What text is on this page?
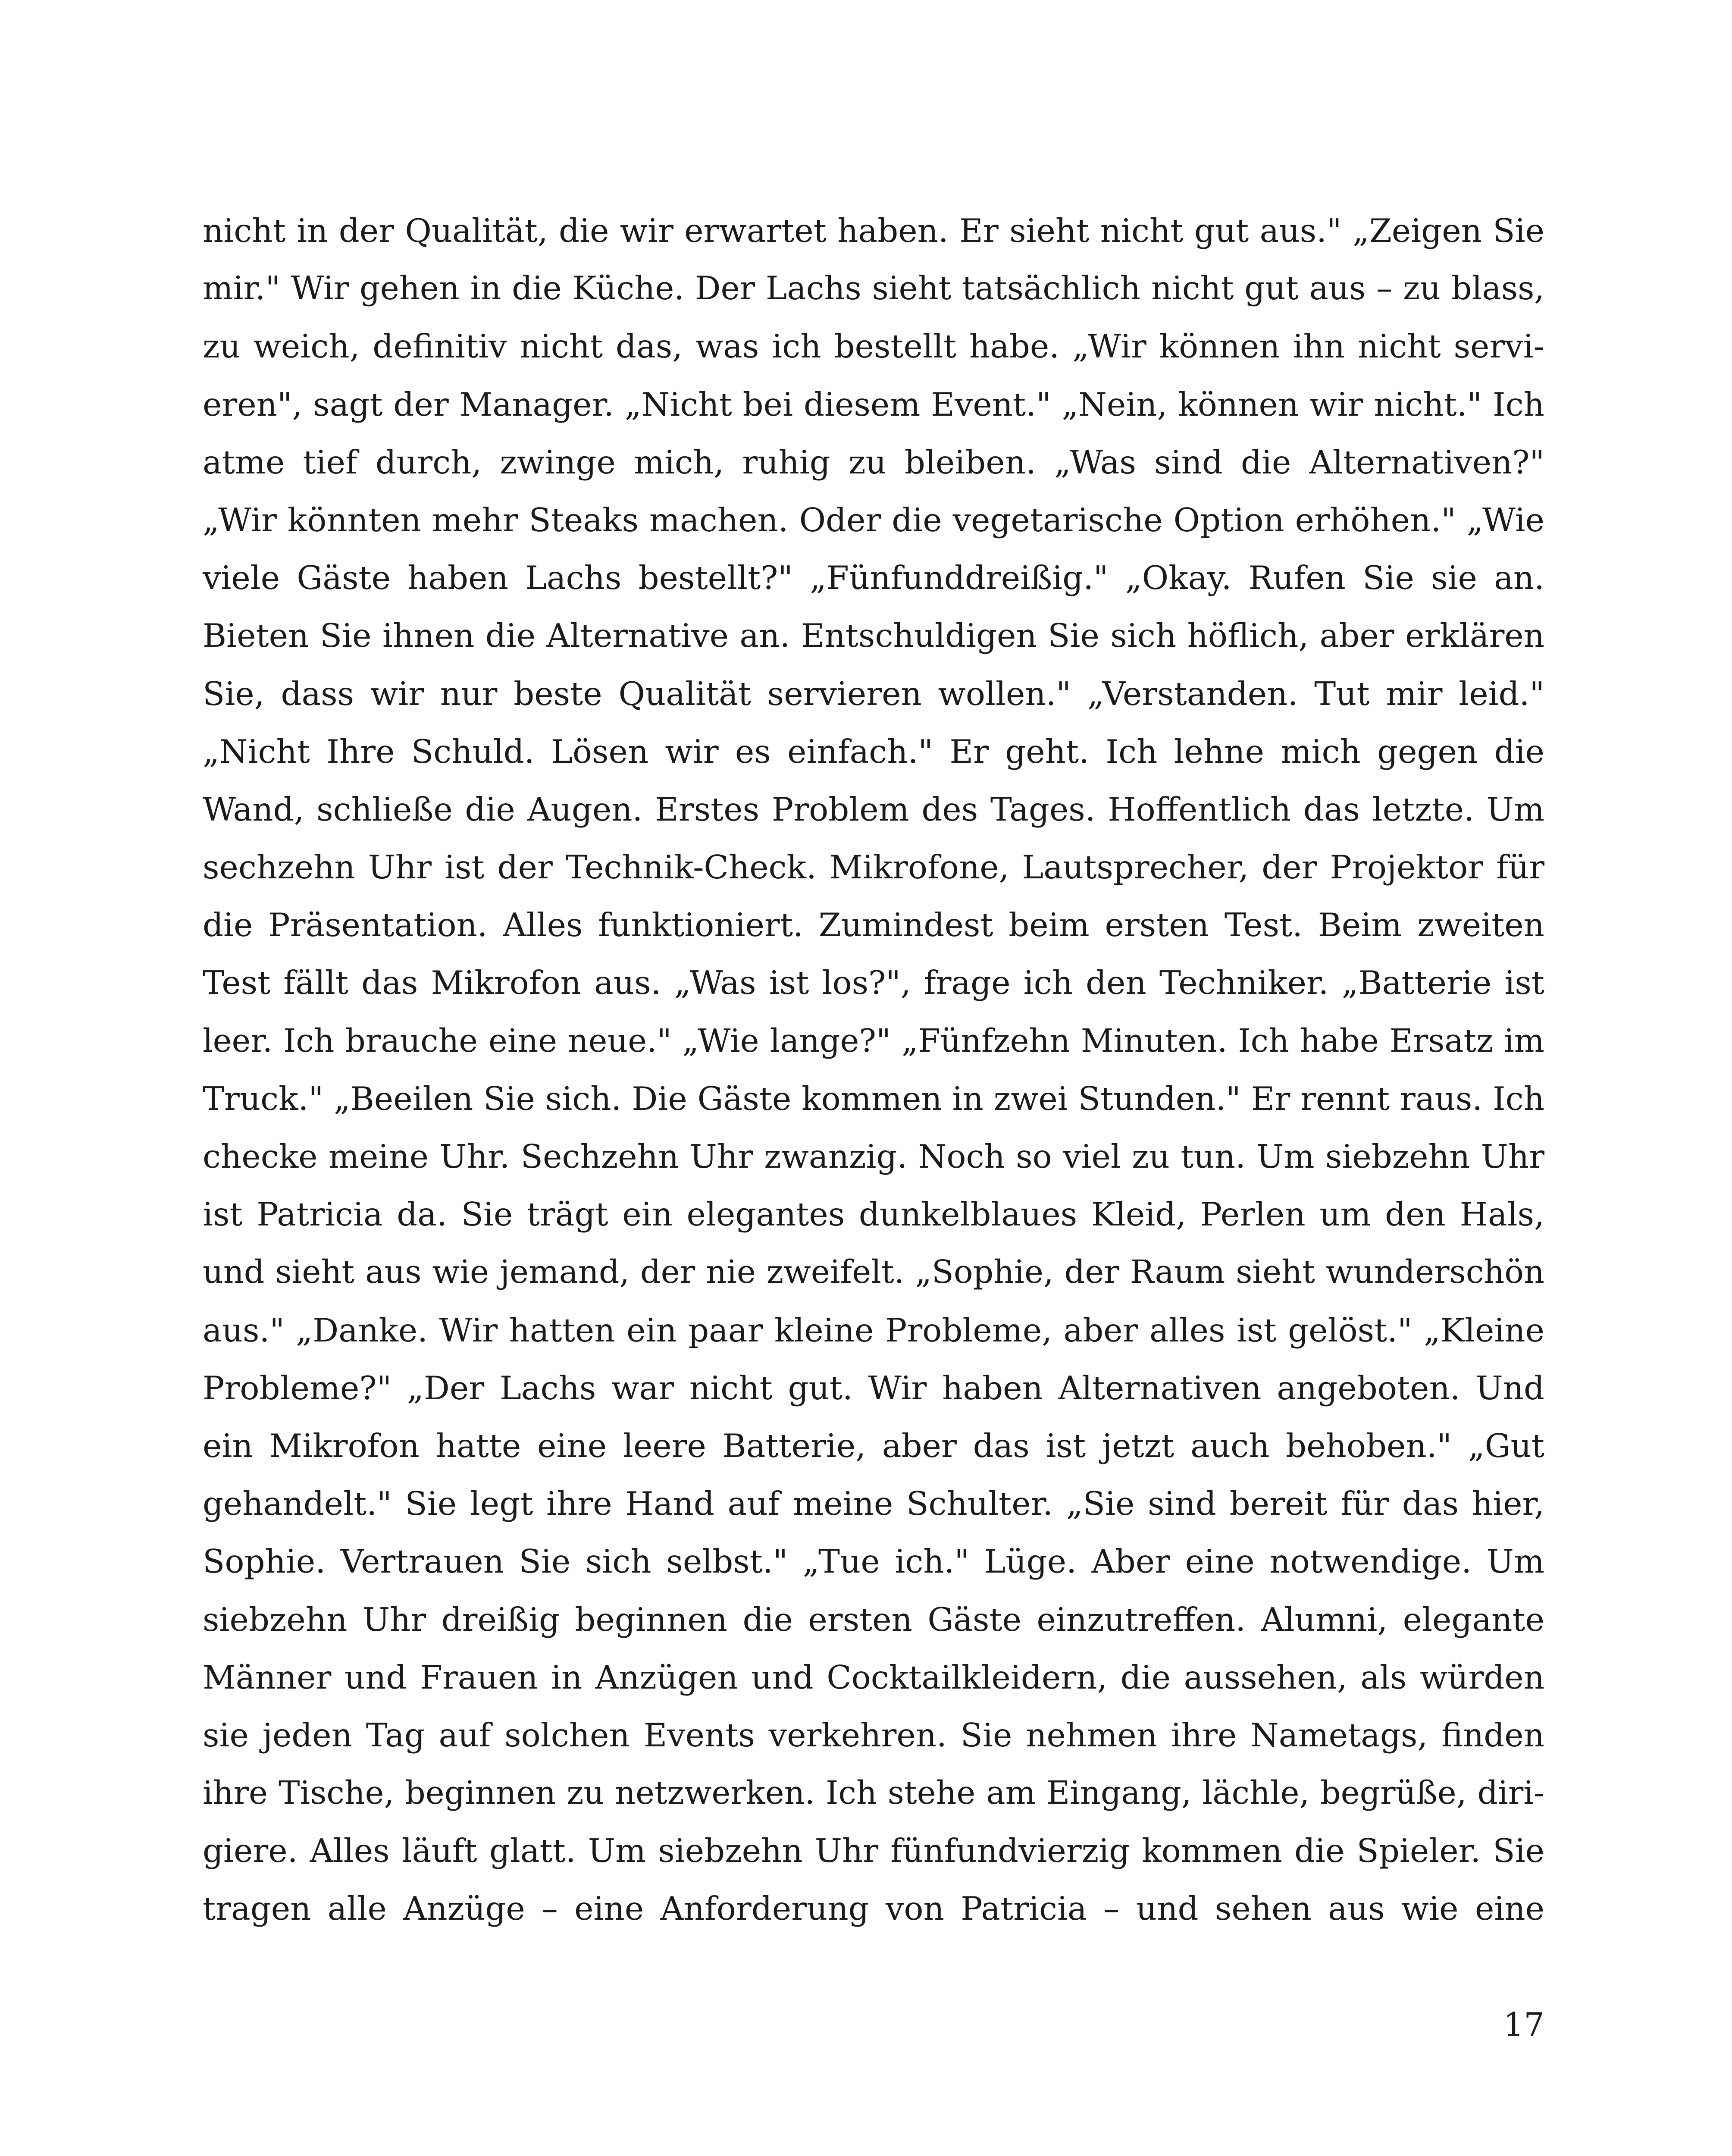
nicht in der Qualität, die wir erwartet haben. Er sieht nicht gut aus." „Zeigen Sie
mir." Wir gehen in die Küche. Der Lachs sieht tatsächlich nicht gut aus – zu blass,
zu weich, definitiv nicht das, was ich bestellt habe. „Wir können ihn nicht servi-
eren", sagt der Manager. „Nicht bei diesem Event." „Nein, können wir nicht." Ich
atme tief durch, zwinge mich, ruhig zu bleiben. „Was sind die Alternativen?"
„Wir könnten mehr Steaks machen. Oder die vegetarische Option erhöhen." „Wie
viele Gäste haben Lachs bestellt?" „Fünfunddreißig." „Okay. Rufen Sie sie an.
Bieten Sie ihnen die Alternative an. Entschuldigen Sie sich höflich, aber erklären
Sie, dass wir nur beste Qualität servieren wollen." „Verstanden. Tut mir leid."
„Nicht Ihre Schuld. Lösen wir es einfach." Er geht. Ich lehne mich gegen die
Wand, schließe die Augen. Erstes Problem des Tages. Hoffentlich das letzte. Um
sechzehn Uhr ist der Technik-Check. Mikrofone, Lautsprecher, der Projektor für
die Präsentation. Alles funktioniert. Zumindest beim ersten Test. Beim zweiten
Test fällt das Mikrofon aus. „Was ist los?", frage ich den Techniker. „Batterie ist
leer. Ich brauche eine neue." „Wie lange?" „Fünfzehn Minuten. Ich habe Ersatz im
Truck." „Beeilen Sie sich. Die Gäste kommen in zwei Stunden." Er rennt raus. Ich
checke meine Uhr. Sechzehn Uhr zwanzig. Noch so viel zu tun. Um siebzehn Uhr
ist Patricia da. Sie trägt ein elegantes dunkelblaues Kleid, Perlen um den Hals,
und sieht aus wie jemand, der nie zweifelt. „Sophie, der Raum sieht wunderschön
aus." „Danke. Wir hatten ein paar kleine Probleme, aber alles ist gelöst." „Kleine
Probleme?" „Der Lachs war nicht gut. Wir haben Alternativen angeboten. Und
ein Mikrofon hatte eine leere Batterie, aber das ist jetzt auch behoben." „Gut
gehandelt." Sie legt ihre Hand auf meine Schulter. „Sie sind bereit für das hier,
Sophie. Vertrauen Sie sich selbst." „Tue ich." Lüge. Aber eine notwendige. Um
siebzehn Uhr dreißig beginnen die ersten Gäste einzutreffen. Alumni, elegante
Männer und Frauen in Anzügen und Cocktailkleidern, die aussehen, als würden
sie jeden Tag auf solchen Events verkehren. Sie nehmen ihre Nametags, finden
ihre Tische, beginnen zu netzwerken. Ich stehe am Eingang, lächle, begrüße, diri-
giere. Alles läuft glatt. Um siebzehn Uhr fünfundvierzig kommen die Spieler. Sie
tragen alle Anzüge – eine Anforderung von Patricia – und sehen aus wie eine
17
